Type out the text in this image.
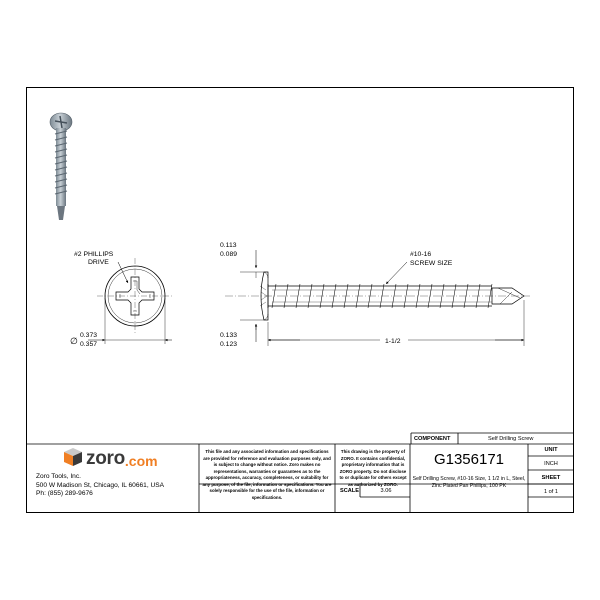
#2 PHILLIPS
DRIVE
∅
0.373
0.357
0.113
0.089
0.133
0.123
#10-16
SCREW SIZE
1-1/2
zoro .com
Zoro Tools, Inc.
500 W Madison St, Chicago, IL 60661, USA
Ph: (855) 289-9676
This file and any associated information and specifications are provided for reference and evaluation purposes only, and is subject to change without notice. Zoro makes no representations, warranties or guarantees as to the appropriateness, accuracy, completeness, or suitability for any purpose, of the file, information or specifications. You are solely responsible for the use of the file, information or specifications.
This drawing is the property of ZORO. It contains confidential, proprietary information that is ZORO property. Do not disclose to or duplicate for others except as authorized by ZORO.
COMPONENT	Self Drilling Screw
G1356171
Self Drilling Screw, #10-16 Size, 1 1/2 in L, Steel, Zinc Plated Pan Phillips, 100 PK
UNIT
INCH
SHEET
1 of 1
SCALE	3.06
